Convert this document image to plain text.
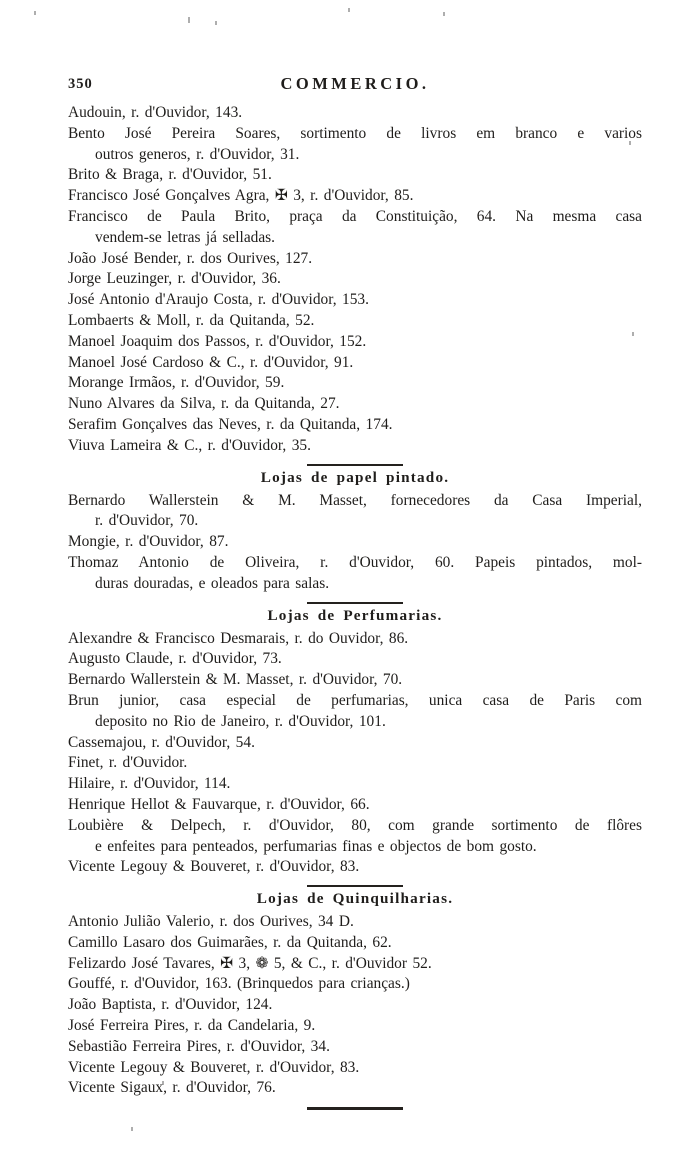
350	COMMERCIO.
Audouin, r. d'Ouvidor, 143.
Bento José Pereira Soares, sortimento de livros em branco e varios
outros generos, r. d'Ouvidor, 31.
Brito & Braga, r. d'Ouvidor, 51.
Francisco José Gonçalves Agra, ✠ 3, r. d'Ouvidor, 85.
Francisco de Paula Brito, praça da Constituição, 64. Na mesma casa
vendem-se letras já selladas.
João José Bender, r. dos Ourives, 127.
Jorge Leuzinger, r. d'Ouvidor, 36.
José Antonio d'Araujo Costa, r. d'Ouvidor, 153.
Lombaerts & Moll, r. da Quitanda, 52.
Manoel Joaquim dos Passos, r. d'Ouvidor, 152.
Manoel José Cardoso & C., r. d'Ouvidor, 91.
Morange Irmãos, r. d'Ouvidor, 59.
Nuno Alvares da Silva, r. da Quitanda, 27.
Serafim Gonçalves das Neves, r. da Quitanda, 174.
Viuva Lameira & C., r. d'Ouvidor, 35.
Lojas de papel pintado.
Bernardo Wallerstein & M. Masset, fornecedores da Casa Imperial,
r. d'Ouvidor, 70.
Mongie, r. d'Ouvidor, 87.
Thomaz Antonio de Oliveira, r. d'Ouvidor, 60. Papeis pintados, mol-
duras douradas, e oleados para salas.
Lojas de Perfumarias.
Alexandre & Francisco Desmarais, r. do Ouvidor, 86.
Augusto Claude, r. d'Ouvidor, 73.
Bernardo Wallerstein & M. Masset, r. d'Ouvidor, 70.
Brun junior, casa especial de perfumarias, unica casa de Paris com
deposito no Rio de Janeiro, r. d'Ouvidor, 101.
Cassemajou, r. d'Ouvidor, 54.
Finet, r. d'Ouvidor.
Hilaire, r. d'Ouvidor, 114.
Henrique Hellot & Fauvarque, r. d'Ouvidor, 66.
Loubière & Delpech, r. d'Ouvidor, 80, com grande sortimento de flôres
e enfeites para penteados, perfumarias finas e objectos de bom gosto.
Vicente Legouy & Bouveret, r. d'Ouvidor, 83.
Lojas de Quinquilharias.
Antonio Julião Valerio, r. dos Ourives, 34 D.
Camillo Lasaro dos Guimarães, r. da Quitanda, 62.
Felizardo José Tavares, ✠ 3, ❁ 5, & C., r. d'Ouvidor 52.
Gouffé, r. d'Ouvidor, 163. (Brinquedos para crianças.)
João Baptista, r. d'Ouvidor, 124.
José Ferreira Pires, r. da Candelaria, 9.
Sebastião Ferreira Pires, r. d'Ouvidor, 34.
Vicente Legouy & Bouveret, r. d'Ouvidor, 83.
Vicente Sigaux, r. d'Ouvidor, 76.
